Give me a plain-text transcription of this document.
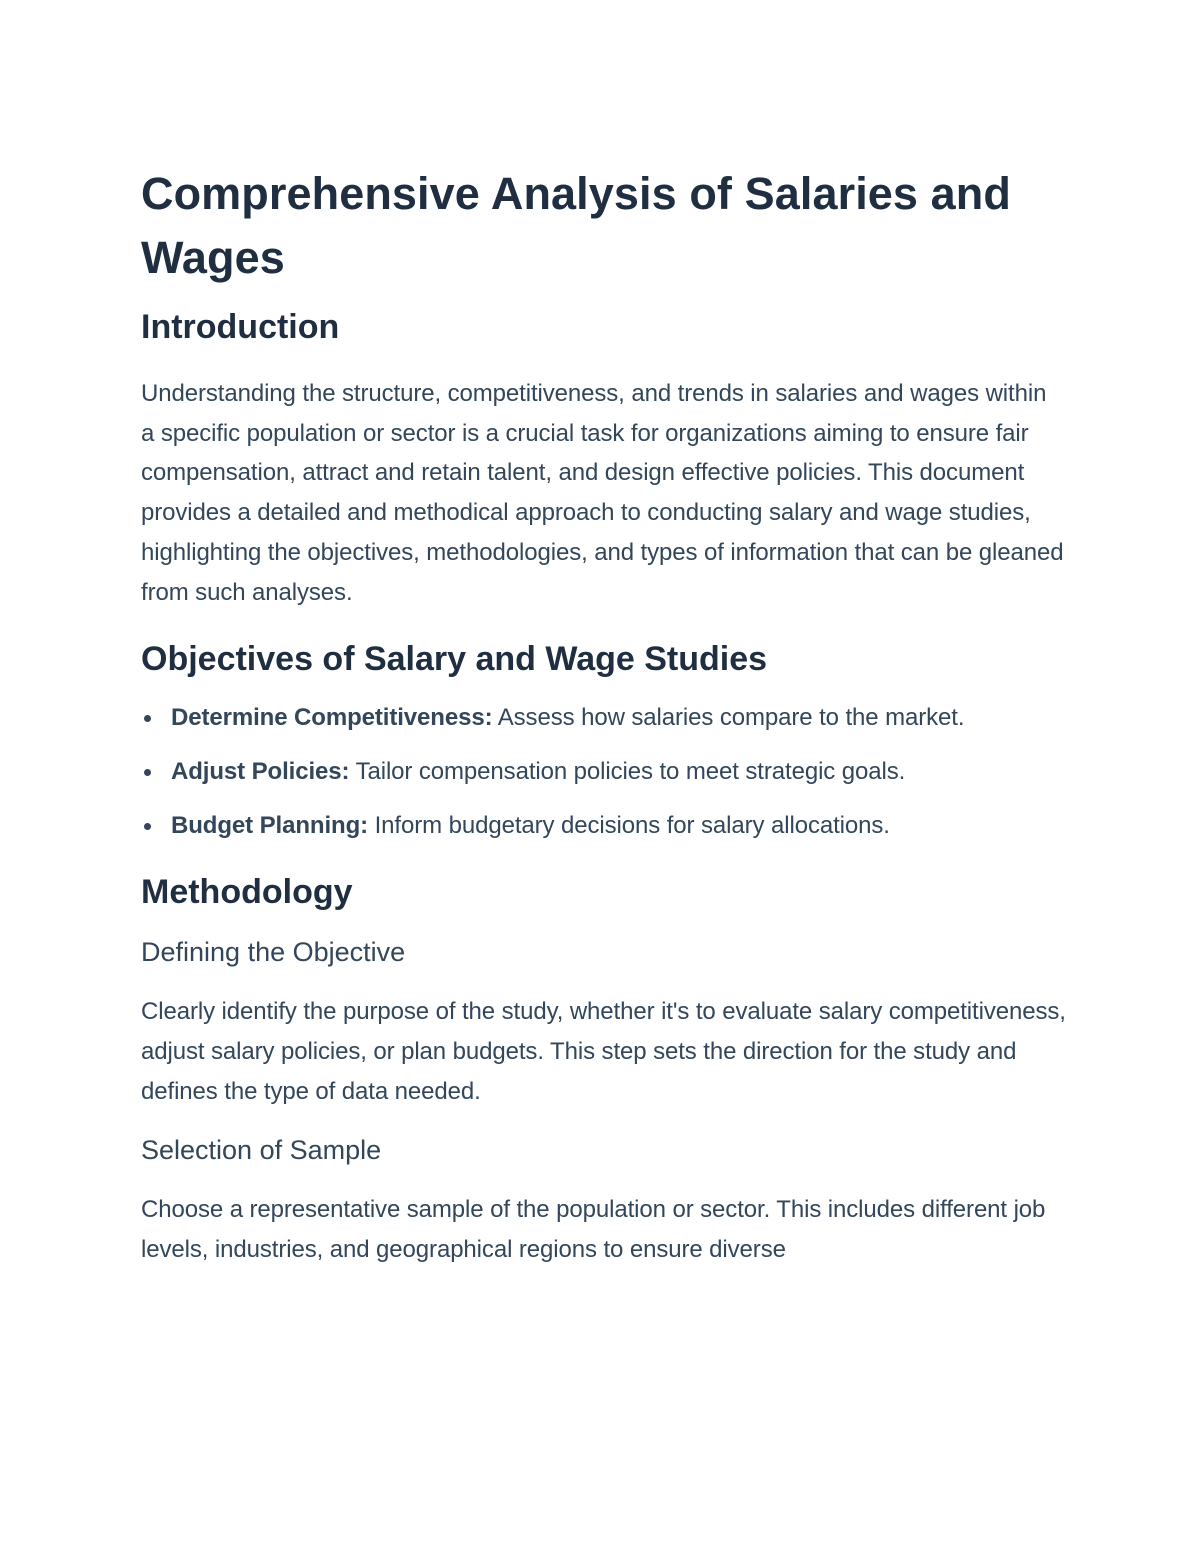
Comprehensive Analysis of Salaries and Wages
Introduction

Understanding the structure, competitiveness, and trends in salaries and wages within a specific population or sector is a crucial task for organizations aiming to ensure fair compensation, attract and retain talent, and design effective policies. This document provides a detailed and methodical approach to conducting salary and wage studies, highlighting the objectives, methodologies, and types of information that can be gleaned from such analyses.

Objectives of Salary and Wage Studies
Determine Competitiveness: Assess how salaries compare to the market.
Adjust Policies: Tailor compensation policies to meet strategic goals.
Budget Planning: Inform budgetary decisions for salary allocations.
Methodology
Defining the Objective

Clearly identify the purpose of the study, whether it's to evaluate salary competitiveness, adjust salary policies, or plan budgets. This step sets the direction for the study and defines the type of data needed.

Selection of Sample

Choose a representative sample of the population or sector. This includes different job levels, industries, and geographical regions to ensure diverse
